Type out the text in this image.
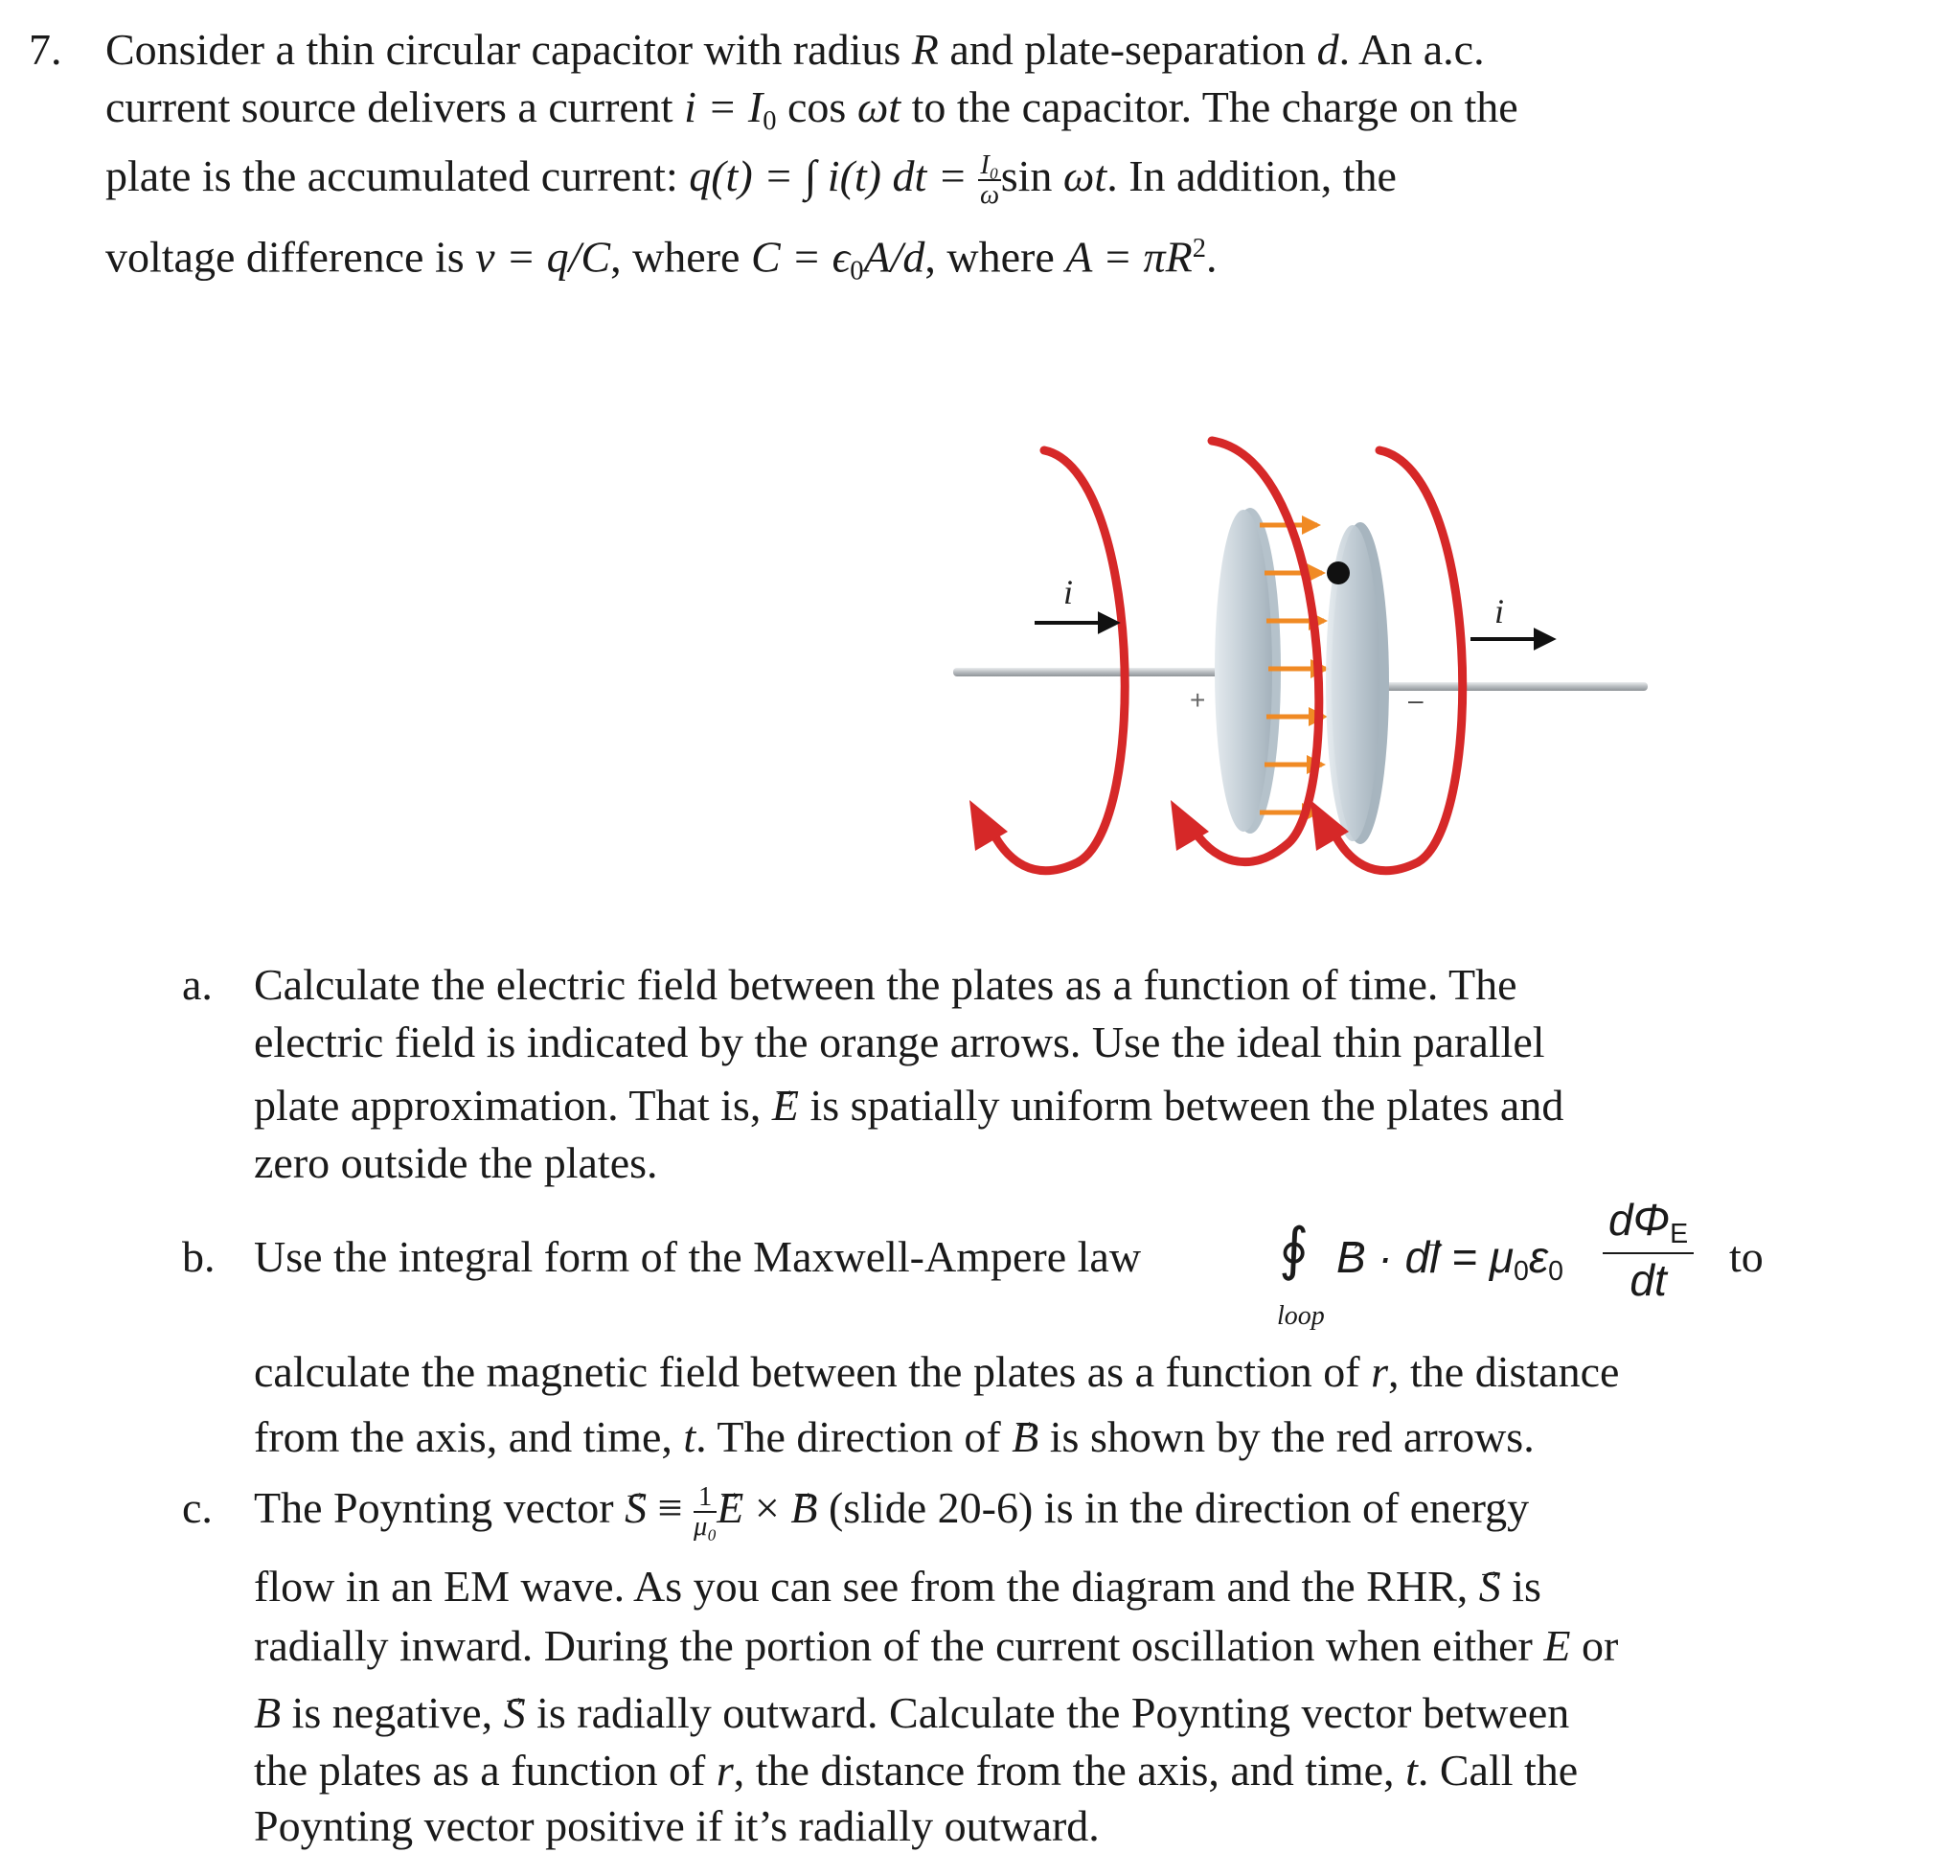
7. Consider a thin circular capacitor with radius R and plate-separation d. An a.c.
current source delivers a current $i = I_0$ cos ωt to the capacitor. The charge on the
plate is the accumulated current: q(t) = ∫ i(t) dt = $\frac{\text{I₀}}{\omega}$ sin ωt. In addition, the
voltage difference is v = q/C, where $C = \epsilon_0A/d$, where $A = \pi R^2$.
i	i
+	–
a. Calculate the electric field between the plates as a function of time. The
electric field is indicated by the orange arrows. Use the ideal thin parallel
plate approximation. That is, → E is spatially uniform between the plates and
zero outside the plates.
b. Use the integral form of the Maxwell-Ampere law ∮
loop
→ $B \cdot d\to l = \mu_0\varepsilon_0$
$d\Phi_E$
dt	to
calculate the magnetic field between the plates as a function of r, the distance
from the axis, and time, t. The direction of → B is shown by the red arrows.
c. The Poynting vector → $S \equiv \frac{1}{\text{μ₀}}$
→ E × → B (slide 20-6) is in the direction of energy
flow in an EM wave. As you can see from the diagram and the RHR, → S is
radially inward. During the portion of the current oscillation when either E or
B is negative, → S is radially outward. Calculate the Poynting vector between
the plates as a function of r, the distance from the axis, and time, t. Call the
Poynting vector positive if it’s radially outward.
